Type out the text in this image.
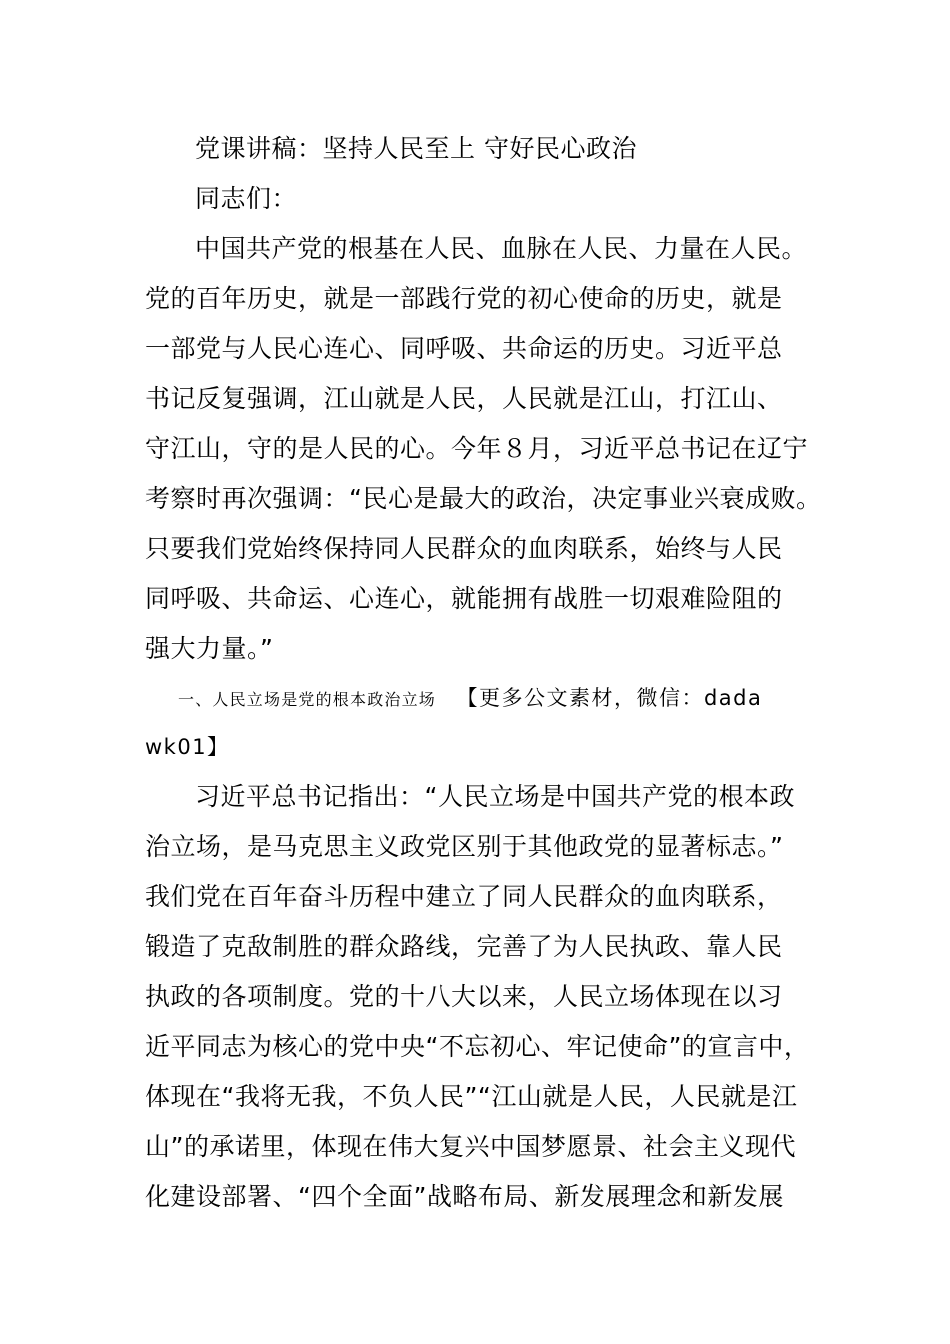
党课讲稿：坚持人民至上 守好民心政治
同志们：
中国共产党的根基在人民、血脉在人民、力量在人民。
党的百年历史，就是一部践行党的初心使命的历史，就是
一部党与人民心连心、同呼吸、共命运的历史。习近平总
书记反复强调，江山就是人民，人民就是江山，打江山、
守江山，守的是人民的心。今年８月，习近平总书记在辽宁
考察时再次强调：“民心是最大的政治，决定事业兴衰成败。
只要我们党始终保持同人民群众的血肉联系，始终与人民
同呼吸、共命运、心连心，就能拥有战胜一切艰难险阻的
强大力量。”
一、人民立场是党的根本政治立场 【更多公文素材，微信：dada
wk01】
习近平总书记指出：“人民立场是中国共产党的根本政
治立场，是马克思主义政党区别于其他政党的显著标志。”
我们党在百年奋斗历程中建立了同人民群众的血肉联系，
锻造了克敌制胜的群众路线，完善了为人民执政、靠人民
执政的各项制度。党的十八大以来，人民立场体现在以习
近平同志为核心的党中央“不忘初心、牢记使命”的宣言中，
体现在“我将无我，不负人民”“江山就是人民，人民就是江
山”的承诺里，体现在伟大复兴中国梦愿景、社会主义现代
化建设部署、“四个全面”战略布局、新发展理念和新发展
